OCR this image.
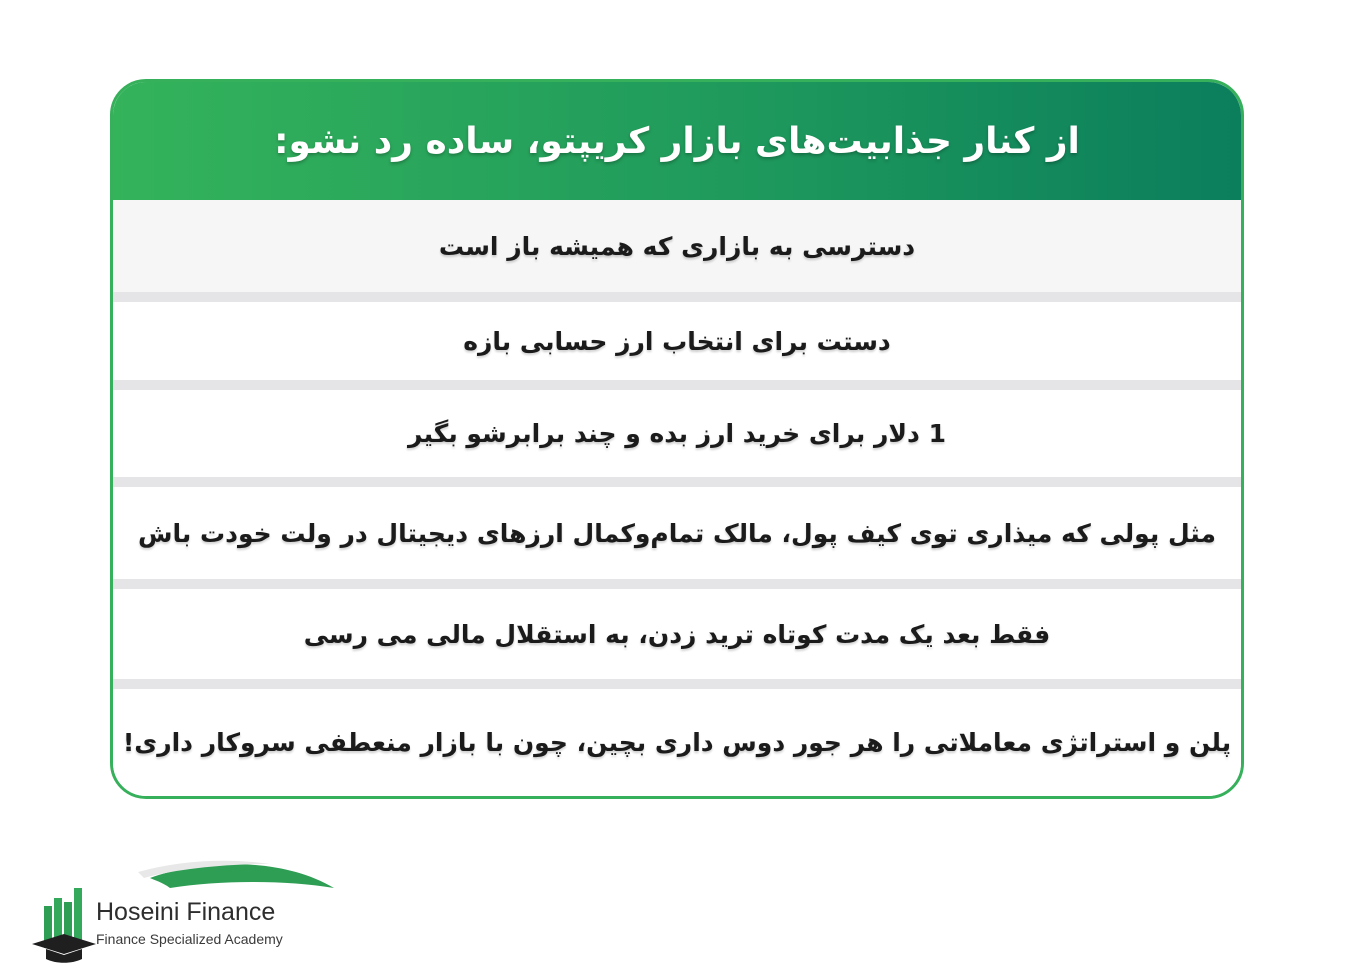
از کنار جذابیت‌های بازار کریپتو، ساده رد نشو:
دسترسی به بازاری که همیشه باز است
دستت برای انتخاب ارز حسابی بازه
1 دلار برای خرید ارز بده و چند برابرشو بگیر
مثل پولی که میذاری توی کیف پول، مالک تمام‌وکمال ارزهای دیجیتال در ولت خودت باش
فقط بعد یک مدت کوتاه ترید زدن، به استقلال مالی می رسی
پلن و استراتژی معاملاتی را هر جور دوس داری بچین، چون با بازار منعطفی سروکار داری!
Hoseini Finance
Finance Specialized Academy
